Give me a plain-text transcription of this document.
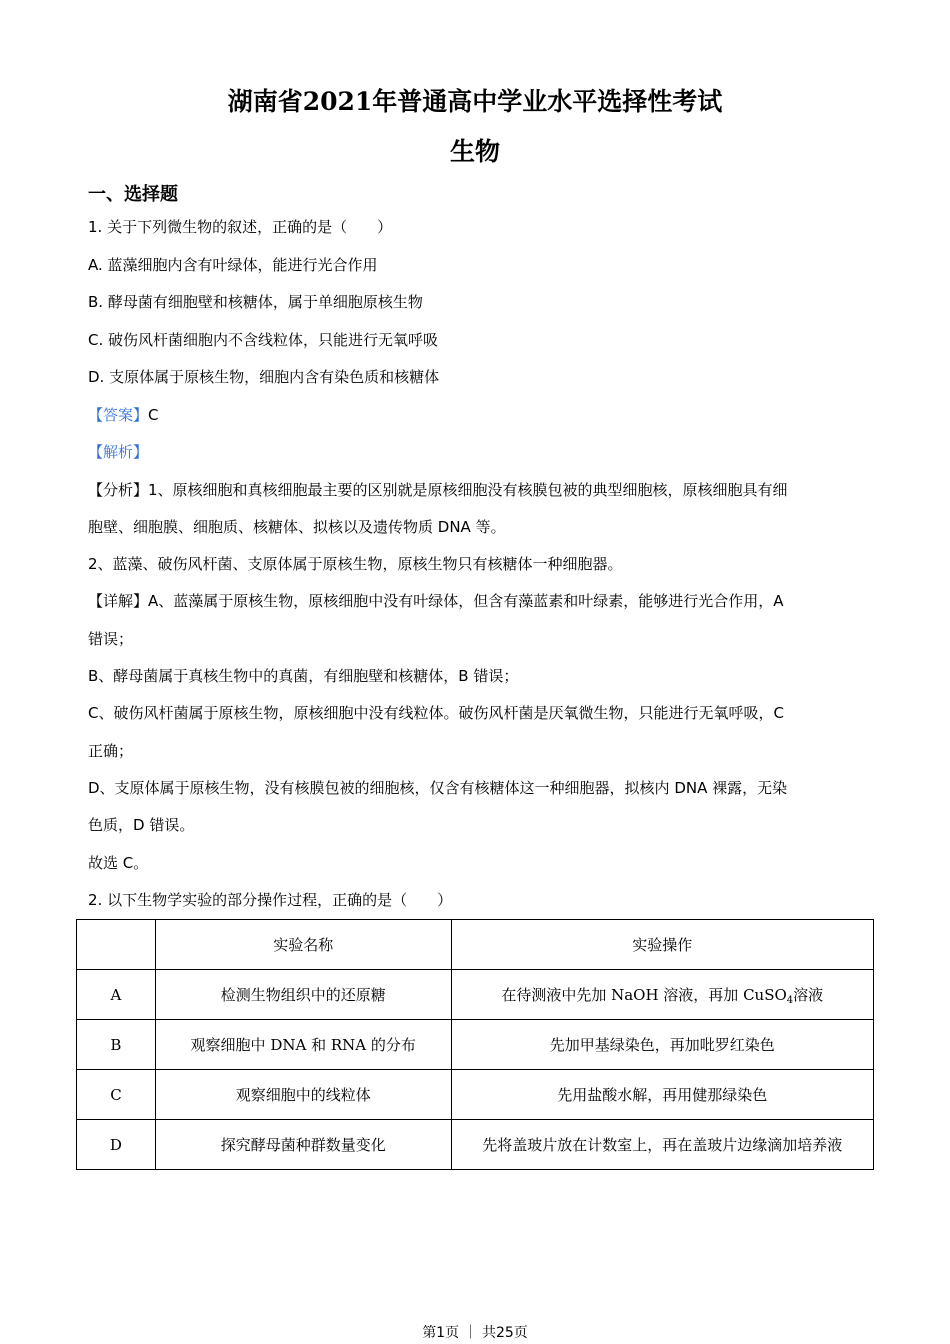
湖南省2021年普通高中学业水平选择性考试
生物
一、选择题
1. 关于下列微生物的叙述，正确的是（　　）
A. 蓝藻细胞内含有叶绿体，能进行光合作用
B. 酵母菌有细胞壁和核糖体，属于单细胞原核生物
C. 破伤风杆菌细胞内不含线粒体，只能进行无氧呼吸
D. 支原体属于原核生物，细胞内含有染色质和核糖体
【答案】C
【解析】
【分析】1、原核细胞和真核细胞最主要的区别就是原核细胞没有核膜包被的典型细胞核，原核细胞具有细
胞壁、细胞膜、细胞质、核糖体、拟核以及遗传物质 DNA 等。
2、蓝藻、破伤风杆菌、支原体属于原核生物，原核生物只有核糖体一种细胞器。
【详解】A、蓝藻属于原核生物，原核细胞中没有叶绿体，但含有藻蓝素和叶绿素，能够进行光合作用，A
错误；
B、酵母菌属于真核生物中的真菌，有细胞壁和核糖体，B 错误；
C、破伤风杆菌属于原核生物，原核细胞中没有线粒体。破伤风杆菌是厌氧微生物，只能进行无氧呼吸，C
正确；
D、支原体属于原核生物，没有核膜包被的细胞核，仅含有核糖体这一种细胞器，拟核内 DNA 裸露，无染
色质，D 错误。
故选 C。
2. 以下生物学实验的部分操作过程，正确的是（　　）
	实验名称	实验操作
A	检测生物组织中的还原糖	在待测液中先加 NaOH 溶液，再加 CuSO$_4$溶液
B	观察细胞中 DNA 和 RNA 的分布	先加甲基绿染色，再加吡罗红染色
C	观察细胞中的线粒体	先用盐酸水解，再用健那绿染色
D	探究酵母菌种群数量变化	先将盖玻片放在计数室上，再在盖玻片边缘滴加培养液
第1页 ｜ 共25页
